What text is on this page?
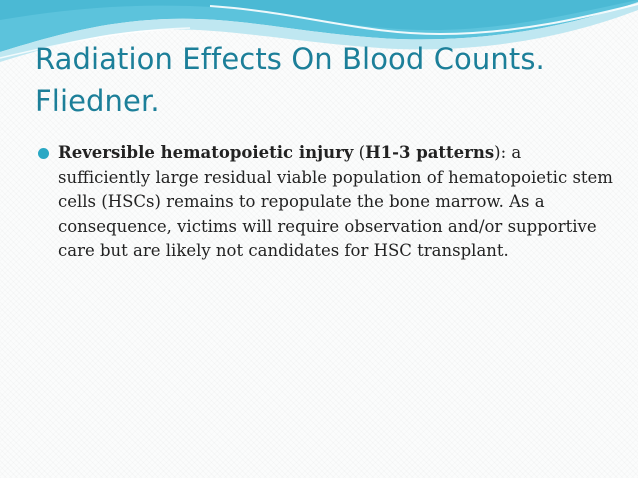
Radiation Effects On Blood Counts.
Fliedner.
Reversible hematopoietic injury (H1-3 patterns): a sufficiently large residual viable population of hematopoietic stem cells (HSCs) remains to repopulate the bone marrow. As a consequence, victims will require observation and/or supportive care but are likely not candidates for HSC transplant.
